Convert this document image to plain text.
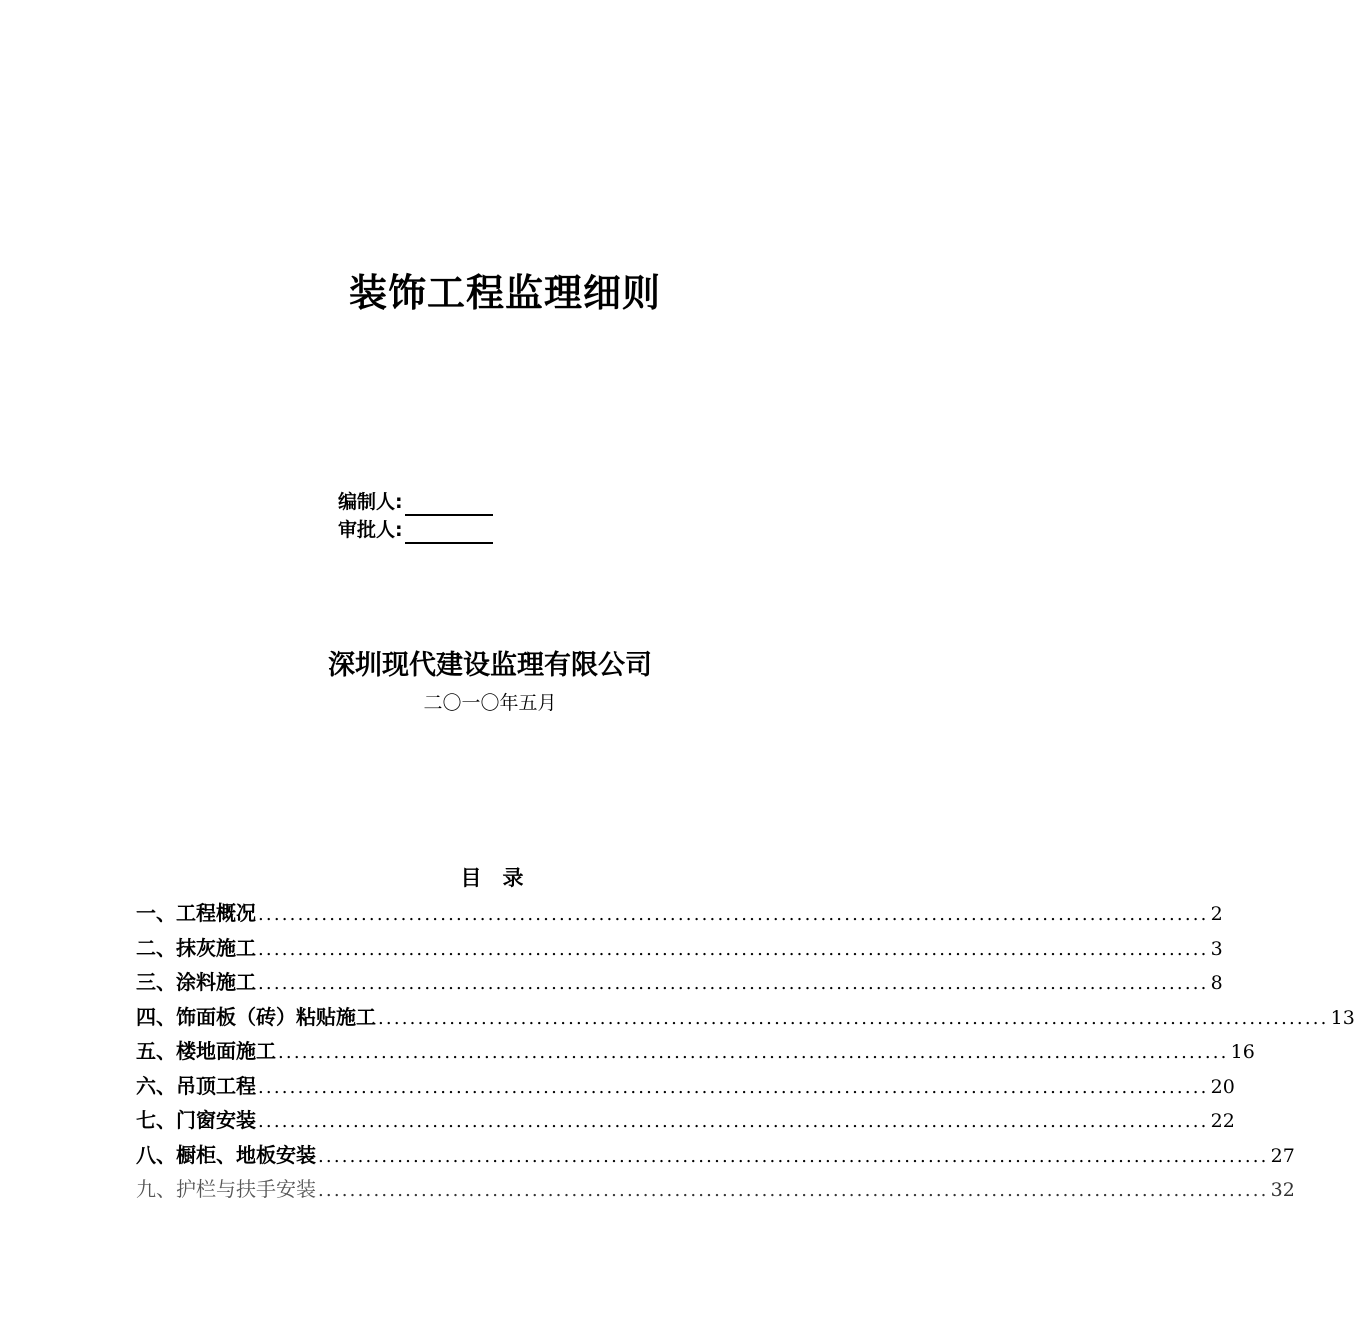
装饰工程监理细则
编制人:
审批人:
深圳现代建设监理有限公司
二〇一〇年五月
目　录
一、工程概况 ........................................................................................................................ 2
二、抹灰施工 ........................................................................................................................ 3
三、涂料施工 ........................................................................................................................ 8
四、饰面板（砖）粘贴施工 ........................................................................................................................ 13
五、楼地面施工 ........................................................................................................................ 16
六、吊顶工程 ........................................................................................................................ 20
七、门窗安装 ........................................................................................................................ 22
八、橱柜、地板安装 ........................................................................................................................ 27
九、护栏与扶手安装 ........................................................................................................................ 32
